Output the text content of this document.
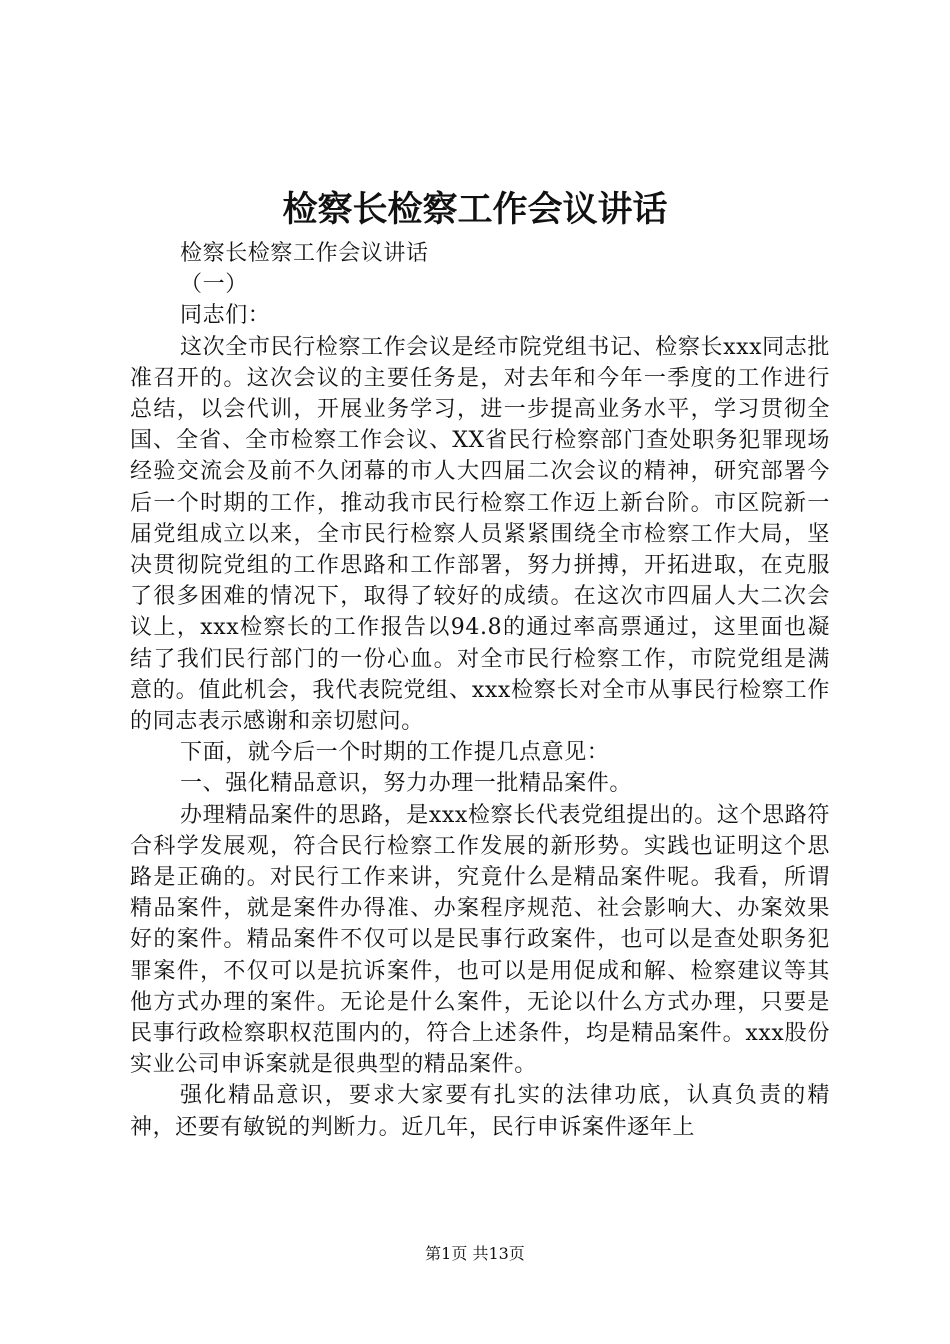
检察长检察工作会议讲话

检察长检察工作会议讲话

（一）

同志们：

这次全市民行检察工作会议是经市院党组书记、检察长xxx同志批准召开的。这次会议的主要任务是，对去年和今年一季度的工作进行总结，以会代训，开展业务学习，进一步提高业务水平，学习贯彻全国、全省、全市检察工作会议、XX省民行检察部门查处职务犯罪现场经验交流会及前不久闭幕的市人大四届二次会议的精神，研究部署今后一个时期的工作，推动我市民行检察工作迈上新台阶。市区院新一届党组成立以来，全市民行检察人员紧紧围绕全市检察工作大局，坚决贯彻院党组的工作思路和工作部署，努力拼搏，开拓进取，在克服了很多困难的情况下，取得了较好的成绩。在这次市四届人大二次会议上，xxx检察长的工作报告以94.8的通过率高票通过，这里面也凝结了我们民行部门的一份心血。对全市民行检察工作，市院党组是满意的。值此机会，我代表院党组、xxx检察长对全市从事民行检察工作的同志表示感谢和亲切慰问。

下面，就今后一个时期的工作提几点意见：

一、强化精品意识，努力办理一批精品案件。

办理精品案件的思路，是xxx检察长代表党组提出的。这个思路符合科学发展观，符合民行检察工作发展的新形势。实践也证明这个思路是正确的。对民行工作来讲，究竟什么是精品案件呢。我看，所谓精品案件，就是案件办得准、办案程序规范、社会影响大、办案效果好的案件。精品案件不仅可以是民事行政案件，也可以是查处职务犯罪案件，不仅可以是抗诉案件，也可以是用促成和解、检察建议等其他方式办理的案件。无论是什么案件，无论以什么方式办理，只要是民事行政检察职权范围内的，符合上述条件，均是精品案件。xxx股份实业公司申诉案就是很典型的精品案件。

强化精品意识，要求大家要有扎实的法律功底，认真负责的精神，还要有敏锐的判断力。近几年，民行申诉案件逐年上

第1页 共13页
